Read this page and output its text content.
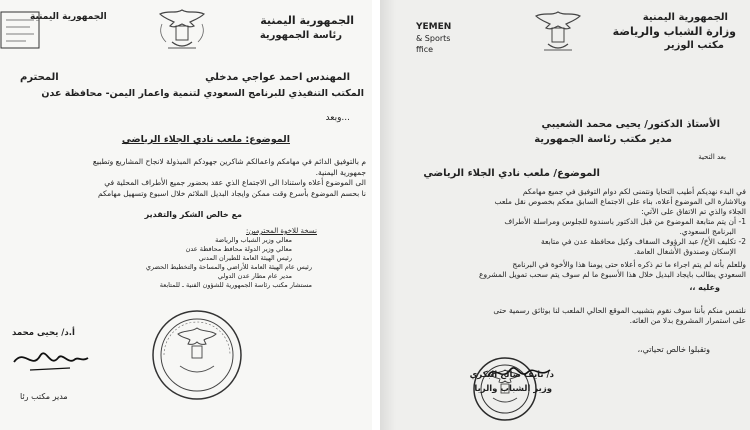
الجمهورية اليمنية
رئاسة الجمهورية
الجمهورية اليمنية
المحترم	المهندس احمد عواجي مدخلي
المكتب التنفيذي للبرنامج السعودي لتنمية واعمار اليمن- محافظة عدن
...وبعد
الموضوع: ملعب نادي الجلاء الرياضي
م بالتوفيق الدائم في مهامكم واعمالكم شاكرين جهودكم المبذولة لانجاح المشاريع وتطبيع
جمهورية اليمنية.
الى الموضوع أعلاه واستنادا الى الاجتماع الذي عقد بحضور جميع الأطراف المحلية في
نا بحسم الموضوع بأسرع وقت ممكن وايجاد البديل الملائم خلال اسبوع وتسهيل مهامكم
مع خالص الشكر والتقدير
نسخة للاخوة المحترمين:
معالي وزير الشباب والرياضة
معالي وزير الدولة محافظ محافظة عدن
رئيس الهيئة العامة للطيران المدني
رئيس عام الهيئة العامة للأراضي والمساحة والتخطيط الحضري
مدير عام مطار عدن الدولي
مستشار مكتب رئاسة الجمهورية للشؤون الفنية ـ للمتابعة
أ.د/ يحيى محمد
مدير مكتب رئا
YEMEN
& Sports
ffice
الجمهورية اليمنية
وزارة الشباب والرياضة
مكتب الوزير
الأستاذ الدكتور/ يحيى محمد الشعيبي
مدير مكتب رئاسة الجمهورية
بعد التحية
الموضوع/ ملعب نادي الجلاء الرياضي
في البدء نهديكم أطيب التحايا ونتمنى لكم دوام التوفيق في جميع مهامكم
وبالاشارة الى الموضوع أعلاه، بناء على الاجتماع السابق معكم بخصوص نقل ملعب
الجلاء والذي تم الاتفاق على الآتي:
1- أن يتم متابعة الموضوع من قبل الدكتور باسندوة للجلوس ومراسلة الأطراف
البرنامج السعودي.
2- تكليف الأخ/ عبد الرؤوف السقاف وكيل محافظة عدن في متابعة
الإسكان وصندوق الأشغال العامة.
وللعلم بأنه لم يتم اجراء ما تم ذكره أعلاه حتى يومنا هذا والأخوة في البرنامج
السعودي يطالب بايجاد البديل خلال هذا الأسبوع ما لم سوف يتم سحب تمويل المشروع
وعليه ،،
نلتمس منكم بأننا سوف نقوم بتشبيب الموقع الحالي الملعب لنا بوثائق رسمية حتى
على استمرار المشروع بدلا من الغائه.
وتقبلوا خالص تحياتي،،
د/ نايف صالح البكري
وزير الشباب والريا
